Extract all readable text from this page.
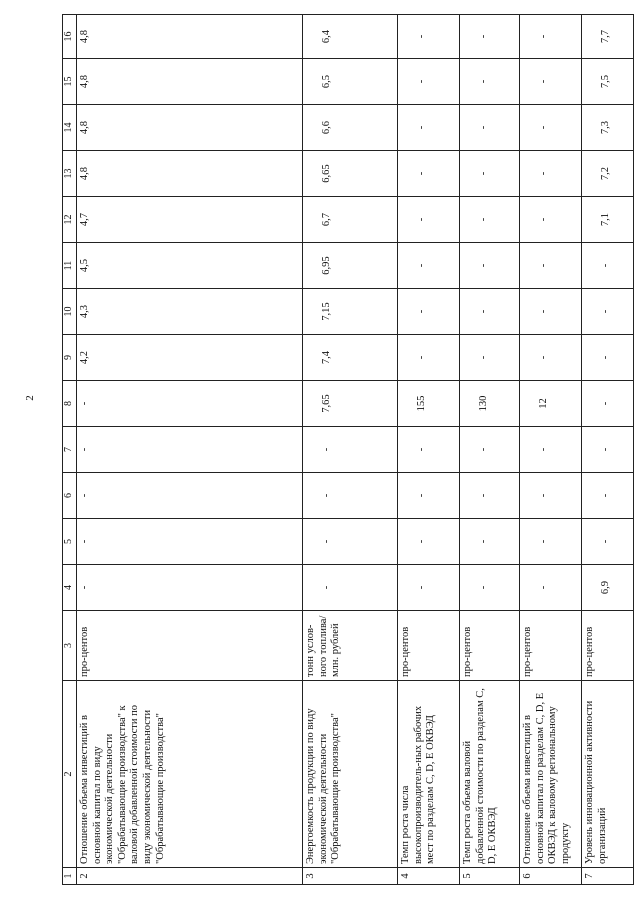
2
1	2	3	4	5	6	7	8	9	10	11	12	13	14	15	16
2	Отношение объема инвестиций в основной капитал по виду экономической деятельности "Обрабатывающие производства" к валовой добавленной стоимости по виду экономической деятельности "Обрабатывающие производства"	про-центов	-	-	-	-	-	4,2	4,3	4,5	4,7	4,8	4,8	4,8	4,8

3	Энергоемкость продукции по виду экономической деятельности "Обрабатывающие производства"	тонн услов-ного топлива/ млн. рублей	-	-	-	-	7,65	7,4	7,15	6,95	6,7	6,65	6,6	6,5	6,4

4	Темп роста числа высокопроизводитель-ных рабочих мест по разделам C, D, E ОКВЭД	про-центов	-	-	-	-	155	-	-	-	-	-	-	-	-

5	Темп роста объема валовой добавленной стоимости по разделам C, D, E ОКВЭД	про-центов	-	-	-	-	130	-	-	-	-	-	-	-	-

6	Отношение объема инвестиций в основной капитал по разделам C, D, E ОКВЭД к валовому региональному продукту	про-центов	-	-	-	-	12	-	-	-	-	-	-	-	-

7	Уровень инновационной активности организаций	про-центов	6,9	-	-	-	-	-	-	-	7,1	7,2	7,3	7,5	7,7
